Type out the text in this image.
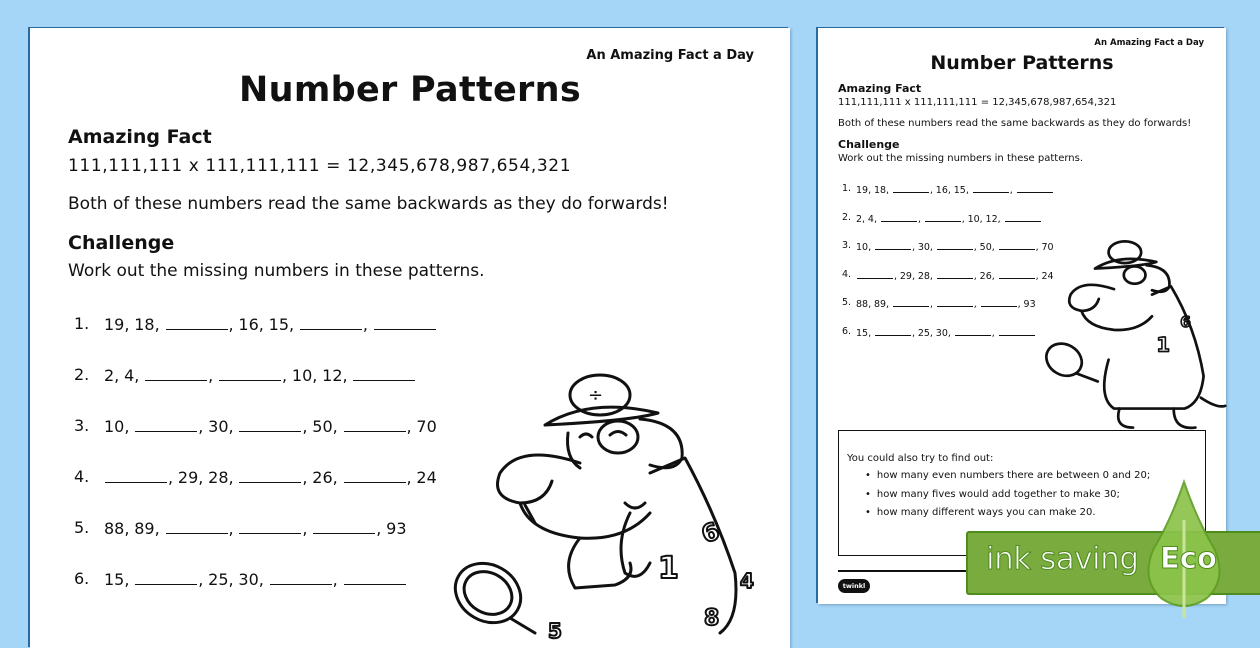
An Amazing Fact a Day
Number Patterns
Amazing Fact
111,111,111 x 111,111,111 = 12,345,678,987,654,321
Both of these numbers read the same backwards as they do forwards!
Challenge
Work out the missing numbers in these patterns.
1. 19, 18,	, 16, 15,	,
2. 2, 4,	,	, 10, 12,
3. 10,	, 30,	, 50,	, 70
4.	, 29, 28,	, 26,	, 24
5. 88, 89,	,	,	, 93
6. 15,	, 25, 30,	,
÷
1
6
4
8
5
An Amazing Fact a Day
Number Patterns
Amazing Fact
111,111,111 x 111,111,111 = 12,345,678,987,654,321
Both of these numbers read the same backwards as they do forwards!
Challenge
Work out the missing numbers in these patterns.
1. 19, 18,	, 16, 15,	,
2. 2, 4,	,	, 10, 12,
3. 10,	, 30,	, 50,	, 70
4.	, 29, 28,	, 26,	, 24
5. 88, 89,	,	,	, 93
6. 15,	, 25, 30,	,
1
6
You could also try to find out:
• how many even numbers there are between 0 and 20;
• how many fives would add together to make 30;
• how many different ways you can make 20.
twinkl
ink saving Eco
